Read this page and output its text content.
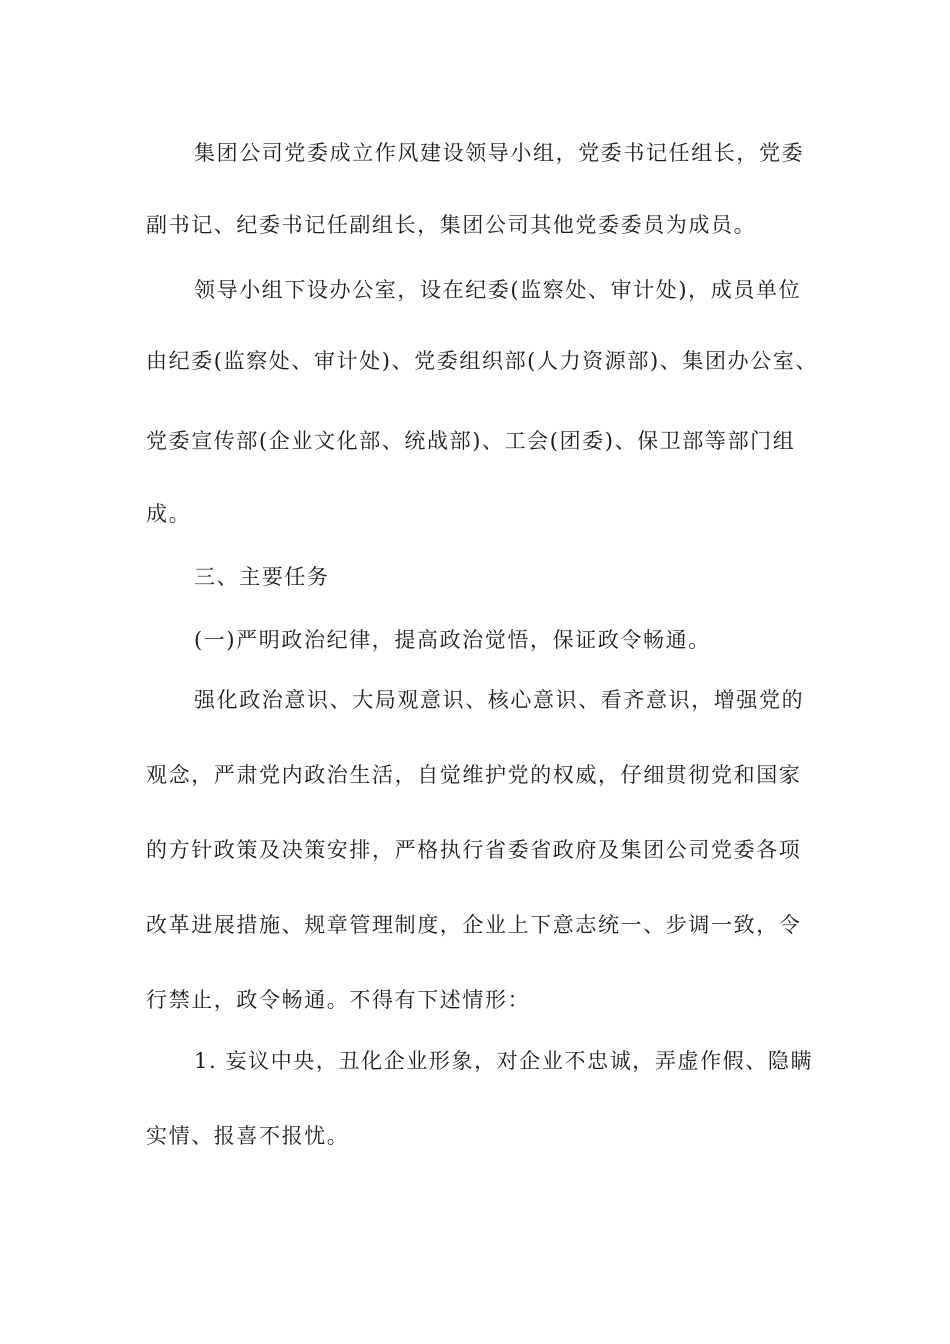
集团公司党委成立作风建设领导小组，党委书记任组长，党委
副书记、纪委书记任副组长，集团公司其他党委委员为成员。
领导小组下设办公室，设在纪委(监察处、审计处)，成员单位
由纪委(监察处、审计处)、党委组织部(人力资源部)、集团办公室、
党委宣传部(企业文化部、统战部)、工会(团委)、保卫部等部门组
成。
三、主要任务
(一)严明政治纪律，提高政治觉悟，保证政令畅通。
强化政治意识、大局观意识、核心意识、看齐意识，增强党的
观念，严肃党内政治生活，自觉维护党的权威，仔细贯彻党和国家
的方针政策及决策安排，严格执行省委省政府及集团公司党委各项
改革进展措施、规章管理制度，企业上下意志统一、步调一致，令
行禁止，政令畅通。不得有下述情形：
1. 妄议中央，丑化企业形象，对企业不忠诚，弄虚作假、隐瞒
实情、报喜不报忧。
